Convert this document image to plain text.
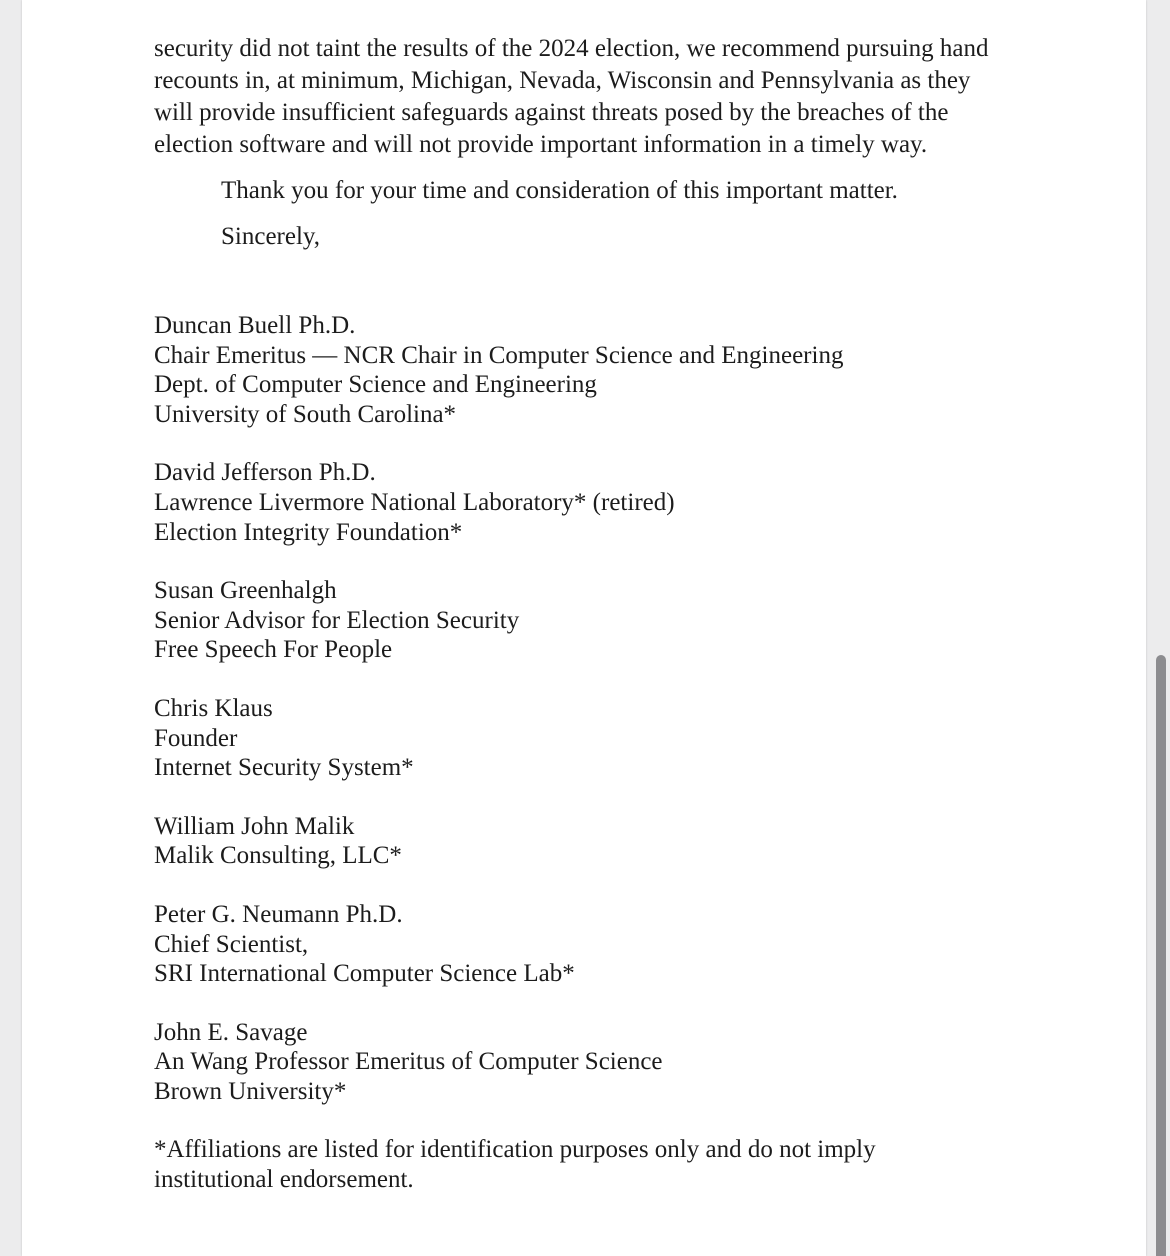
security did not taint the results of the 2024 election, we recommend pursuing hand
recounts in, at minimum, Michigan, Nevada, Wisconsin and Pennsylvania as they
will provide insufficient safeguards against threats posed by the breaches of the
election software and will not provide important information in a timely way.

Thank you for your time and consideration of this important matter.

Sincerely,

Duncan Buell Ph.D.
Chair Emeritus — NCR Chair in Computer Science and Engineering
Dept. of Computer Science and Engineering
University of South Carolina*
David Jefferson Ph.D.
Lawrence Livermore National Laboratory* (retired)
Election Integrity Foundation*
Susan Greenhalgh
Senior Advisor for Election Security
Free Speech For People
Chris Klaus
Founder
Internet Security System*
William John Malik
Malik Consulting, LLC*
Peter G. Neumann Ph.D.
Chief Scientist,
SRI International Computer Science Lab*
John E. Savage
An Wang Professor Emeritus of Computer Science
Brown University*

*Affiliations are listed for identification purposes only and do not imply
institutional endorsement.
